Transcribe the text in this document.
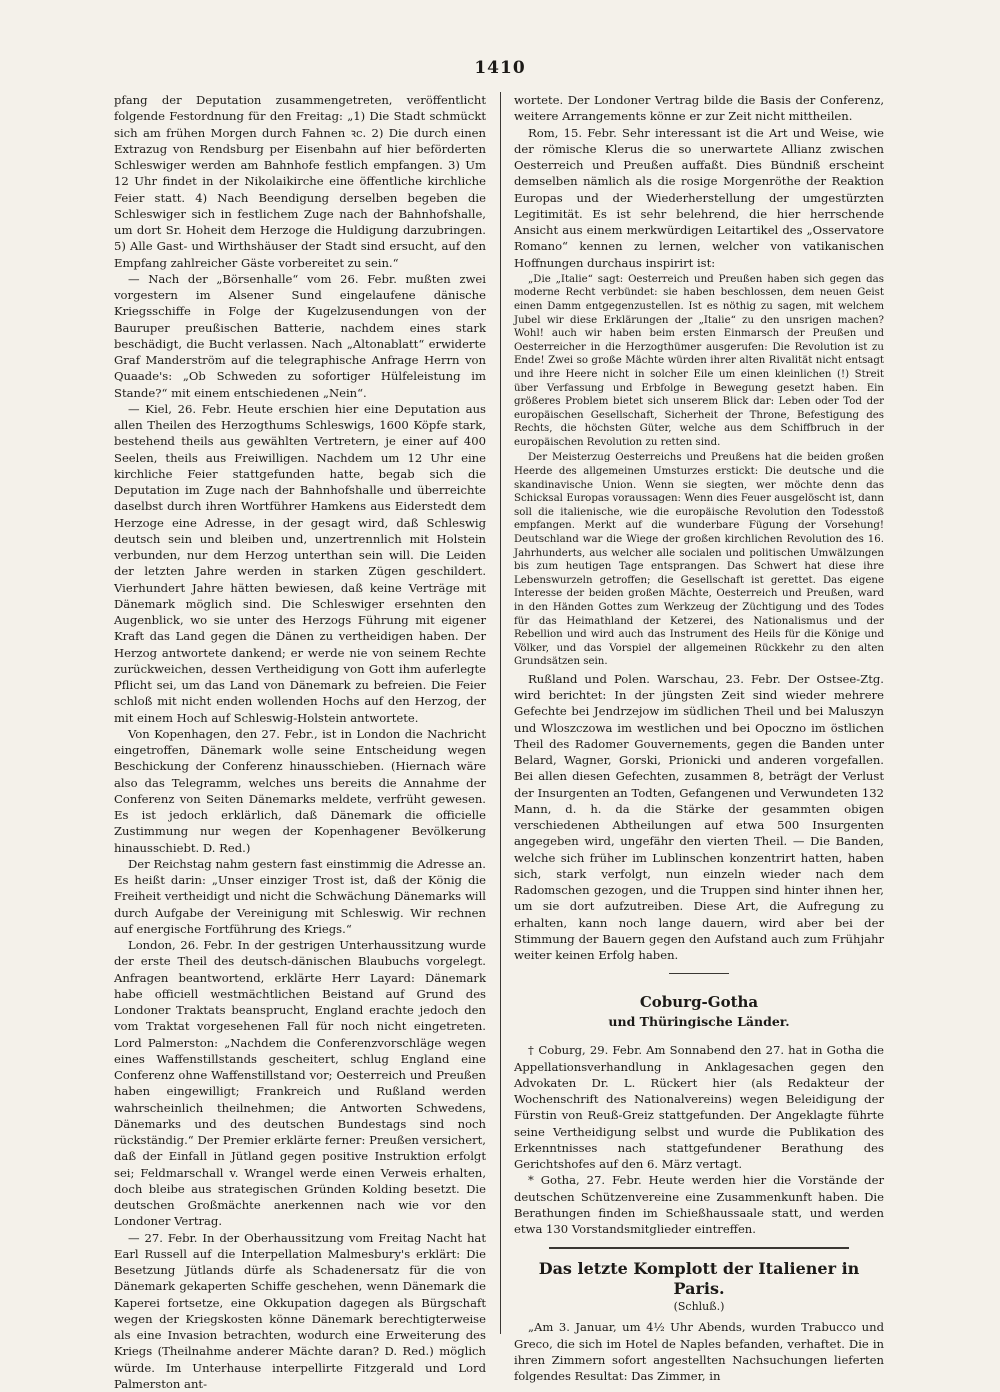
1410

pfang der Deputation zusammengetreten, veröffentlicht folgende Festordnung für den Freitag: „1) Die Stadt schmückt sich am frühen Morgen durch Fahnen ꝛc. 2) Die durch einen Extrazug von Rendsburg per Eisenbahn auf hier beförderten Schleswiger werden am Bahnhofe festlich empfangen. 3) Um 12 Uhr findet in der Nikolaikirche eine öffentliche kirchliche Feier statt. 4) Nach Beendigung derselben begeben die Schleswiger sich in festlichem Zuge nach der Bahnhofshalle, um dort Sr. Hoheit dem Herzoge die Huldigung darzubringen. 5) Alle Gast- und Wirthshäuser der Stadt sind ersucht, auf den Empfang zahlreicher Gäste vorbereitet zu sein.“

— Nach der „Börsenhalle“ vom 26. Febr. mußten zwei vorgestern im Alsener Sund eingelaufene dänische Kriegsschiffe in Folge der Kugelzusendungen von der Bauruper preußischen Batterie, nachdem eines stark beschädigt, die Bucht verlassen. Nach „Altonablatt“ erwiderte Graf Manderström auf die telegraphische Anfrage Herrn von Quaade's: „Ob Schweden zu sofortiger Hülfeleistung im Stande?“ mit einem entschiedenen „Nein“.

— Kiel, 26. Febr. Heute erschien hier eine Deputation aus allen Theilen des Herzogthums Schleswigs, 1600 Köpfe stark, bestehend theils aus gewählten Vertretern, je einer auf 400 Seelen, theils aus Freiwilligen. Nachdem um 12 Uhr eine kirchliche Feier stattgefunden hatte, begab sich die Deputation im Zuge nach der Bahnhofshalle und überreichte daselbst durch ihren Wortführer Hamkens aus Eiderstedt dem Herzoge eine Adresse, in der gesagt wird, daß Schleswig deutsch sein und bleiben und, unzertrennlich mit Holstein verbunden, nur dem Herzog unterthan sein will. Die Leiden der letzten Jahre werden in starken Zügen geschildert. Vierhundert Jahre hätten bewiesen, daß keine Verträge mit Dänemark möglich sind. Die Schleswiger ersehnten den Augenblick, wo sie unter des Herzogs Führung mit eigener Kraft das Land gegen die Dänen zu vertheidigen haben. Der Herzog antwortete dankend; er werde nie von seinem Rechte zurückweichen, dessen Vertheidigung von Gott ihm auferlegte Pflicht sei, um das Land von Dänemark zu befreien. Die Feier schloß mit nicht enden wollenden Hochs auf den Herzog, der mit einem Hoch auf Schleswig-Holstein antwortete.

Von Kopenhagen, den 27. Febr., ist in London die Nachricht eingetroffen, Dänemark wolle seine Entscheidung wegen Beschickung der Conferenz hinausschieben. (Hiernach wäre also das Telegramm, welches uns bereits die Annahme der Conferenz von Seiten Dänemarks meldete, verfrüht gewesen. Es ist jedoch erklärlich, daß Dänemark die officielle Zustimmung nur wegen der Kopenhagener Bevölkerung hinausschiebt. D. Red.)

Der Reichstag nahm gestern fast einstimmig die Adresse an. Es heißt darin: „Unser einziger Trost ist, daß der König die Freiheit vertheidigt und nicht die Schwächung Dänemarks will durch Aufgabe der Vereinigung mit Schleswig. Wir rechnen auf energische Fortführung des Kriegs.“

London, 26. Febr. In der gestrigen Unterhaussitzung wurde der erste Theil des deutsch-dänischen Blaubuchs vorgelegt. Anfragen beantwortend, erklärte Herr Layard: Dänemark habe officiell westmächtlichen Beistand auf Grund des Londoner Traktats beansprucht, England erachte jedoch den vom Traktat vorgesehenen Fall für noch nicht eingetreten. Lord Palmerston: „Nachdem die Conferenzvorschläge wegen eines Waffenstillstands gescheitert, schlug England eine Conferenz ohne Waffenstillstand vor; Oesterreich und Preußen haben eingewilligt; Frankreich und Rußland werden wahrscheinlich theilnehmen; die Antworten Schwedens, Dänemarks und des deutschen Bundestags sind noch rückständig.“ Der Premier erklärte ferner: Preußen versichert, daß der Einfall in Jütland gegen positive Instruktion erfolgt sei; Feldmarschall v. Wrangel werde einen Verweis erhalten, doch bleibe aus strategischen Gründen Kolding besetzt. Die deutschen Großmächte anerkennen nach wie vor den Londoner Vertrag.

— 27. Febr. In der Oberhaussitzung vom Freitag Nacht hat Earl Russell auf die Interpellation Malmesbury's erklärt: Die Besetzung Jütlands dürfe als Schadenersatz für die von Dänemark gekaperten Schiffe geschehen, wenn Dänemark die Kaperei fortsetze, eine Okkupation dagegen als Bürgschaft wegen der Kriegskosten könne Dänemark berechtigterweise als eine Invasion betrachten, wodurch eine Erweiterung des Kriegs (Theilnahme anderer Mächte daran? D. Red.) möglich würde. Im Unterhause interpellirte Fitzgerald und Lord Palmerston ant-

wortete. Der Londoner Vertrag bilde die Basis der Conferenz, weitere Arrangements könne er zur Zeit nicht mittheilen.

Rom, 15. Febr. Sehr interessant ist die Art und Weise, wie der römische Klerus die so unerwartete Allianz zwischen Oesterreich und Preußen auffaßt. Dies Bündniß erscheint demselben nämlich als die rosige Morgenröthe der Reaktion Europas und der Wiederherstellung der umgestürzten Legitimität. Es ist sehr belehrend, die hier herrschende Ansicht aus einem merkwürdigen Leitartikel des „Osservatore Romano“ kennen zu lernen, welcher von vatikanischen Hoffnungen durchaus inspirirt ist:

„Die „Italie“ sagt: Oesterreich und Preußen haben sich gegen das moderne Recht verbündet: sie haben beschlossen, dem neuen Geist einen Damm entgegenzustellen. Ist es nöthig zu sagen, mit welchem Jubel wir diese Erklärungen der „Italie“ zu den unsrigen machen? Wohl! auch wir haben beim ersten Einmarsch der Preußen und Oesterreicher in die Herzogthümer ausgerufen: Die Revolution ist zu Ende! Zwei so große Mächte würden ihrer alten Rivalität nicht entsagt und ihre Heere nicht in solcher Eile um einen kleinlichen (!) Streit über Verfassung und Erbfolge in Bewegung gesetzt haben. Ein größeres Problem bietet sich unserem Blick dar: Leben oder Tod der europäischen Gesellschaft, Sicherheit der Throne, Befestigung des Rechts, die höchsten Güter, welche aus dem Schiffbruch in der europäischen Revolution zu retten sind.

Der Meisterzug Oesterreichs und Preußens hat die beiden großen Heerde des allgemeinen Umsturzes erstickt: Die deutsche und die skandinavische Union. Wenn sie siegten, wer möchte denn das Schicksal Europas voraussagen: Wenn dies Feuer ausgelöscht ist, dann soll die italienische, wie die europäische Revolution den Todesstoß empfangen. Merkt auf die wunderbare Fügung der Vorsehung! Deutschland war die Wiege der großen kirchlichen Revolution des 16. Jahrhunderts, aus welcher alle socialen und politischen Umwälzungen bis zum heutigen Tage entsprangen. Das Schwert hat diese ihre Lebenswurzeln getroffen; die Gesellschaft ist gerettet. Das eigene Interesse der beiden großen Mächte, Oesterreich und Preußen, ward in den Händen Gottes zum Werkzeug der Züchtigung und des Todes für das Heimathland der Ketzerei, des Nationalismus und der Rebellion und wird auch das Instrument des Heils für die Könige und Völker, und das Vorspiel der allgemeinen Rückkehr zu den alten Grundsätzen sein.

Rußland und Polen. Warschau, 23. Febr. Der Ostsee-Ztg. wird berichtet: In der jüngsten Zeit sind wieder mehrere Gefechte bei Jendrzejow im südlichen Theil und bei Maluszyn und Wloszczowa im westlichen und bei Opoczno im östlichen Theil des Radomer Gouvernements, gegen die Banden unter Belard, Wagner, Gorski, Prionicki und anderen vorgefallen. Bei allen diesen Gefechten, zusammen 8, beträgt der Verlust der Insurgenten an Todten, Gefangenen und Verwundeten 132 Mann, d. h. da die Stärke der gesammten obigen verschiedenen Abtheilungen auf etwa 500 Insurgenten angegeben wird, ungefähr den vierten Theil. — Die Banden, welche sich früher im Lublinschen konzentrirt hatten, haben sich, stark verfolgt, nun einzeln wieder nach dem Radomschen gezogen, und die Truppen sind hinter ihnen her, um sie dort aufzutreiben. Diese Art, die Aufregung zu erhalten, kann noch lange dauern, wird aber bei der Stimmung der Bauern gegen den Aufstand auch zum Frühjahr weiter keinen Erfolg haben.

Coburg-Gotha
und Thüringische Länder.

† Coburg, 29. Febr. Am Sonnabend den 27. hat in Gotha die Appellationsverhandlung in Anklagesachen gegen den Advokaten Dr. L. Rückert hier (als Redakteur der Wochenschrift des Nationalvereins) wegen Beleidigung der Fürstin von Reuß-Greiz stattgefunden. Der Angeklagte führte seine Vertheidigung selbst und wurde die Publikation des Erkenntnisses nach stattgefundener Berathung des Gerichtshofes auf den 6. März vertagt.

* Gotha, 27. Febr. Heute werden hier die Vorstände der deutschen Schützenvereine eine Zusammenkunft haben. Die Berathungen finden im Schießhaussaale statt, und werden etwa 130 Vorstandsmitglieder eintreffen.

Das letzte Komplott der Italiener in Paris.
(Schluß.)

„Am 3. Januar, um 4½ Uhr Abends, wurden Trabucco und Greco, die sich im Hotel de Naples befanden, verhaftet. Die in ihren Zimmern sofort angestellten Nachsuchungen lieferten folgendes Resultat: Das Zimmer, in
